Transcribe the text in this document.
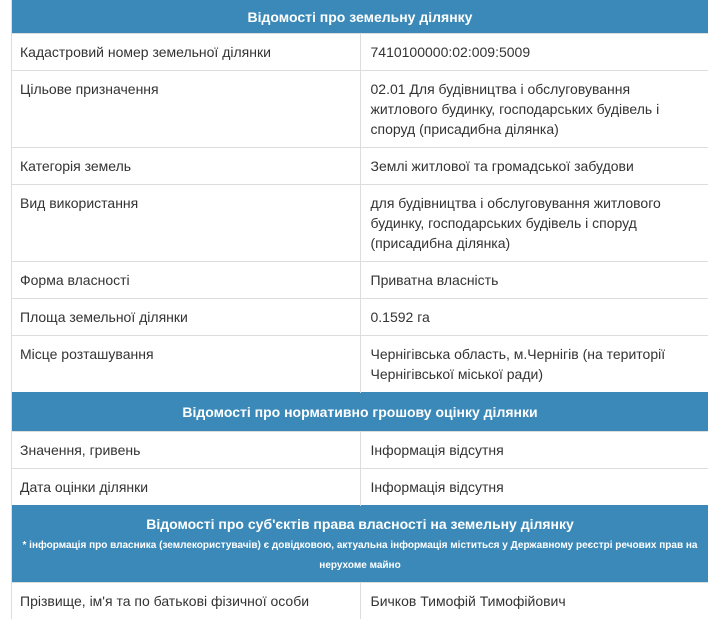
Відомості про земельну ділянку	
Кадастровий номер земельної ділянки	7410100000:02:009:5009
Цільове призначення	02.01 Для будівництва і обслуговування житлового будинку, господарських будівель і споруд (присадибна ділянка)
Категорія земель	Землі житлової та громадської забудови
Вид використання	для будівництва і обслуговування житлового будинку, господарських будівель і споруд (присадибна ділянка)
Форма власності	Приватна власність
Площа земельної ділянки	0.1592 га
Місце розташування	Чернігівська область, м.Чернігів (на території Чернігівської міської ради)
Відомості про нормативно грошову оцінку ділянки	
Значення, гривень	Інформація відсутня
Дата оцінки ділянки	Інформація відсутня

Відомості про суб'єктів права власності на земельну ділянку
* інформація про власника (землекористувачів) є довідковою, актуальна інформація міститься у Державному реєстрі речових прав на нерухоме майно	

Прізвище, ім'я та по батькові фізичної особи	Бичков Тимофій Тимофійович
